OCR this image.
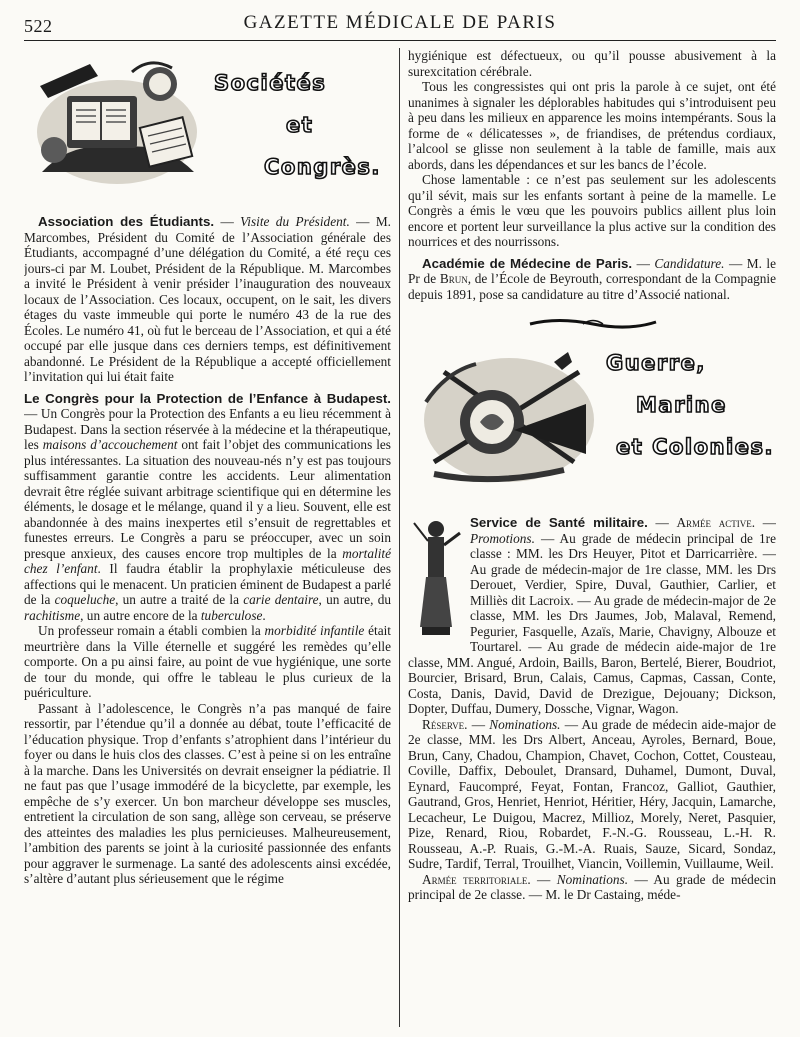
522	GAZETTE MÉDICALE DE PARIS
Sociétés
et
Congrès.

Association des Étudiants. — Visite du Président. — M. Marcombes, Président du Comité de l’Association générale des Étudiants, accompagné d’une délégation du Comité, a été reçu ces jours-ci par M. Loubet, Président de la République. M. Marcombes a invité le Président à venir présider l’inauguration des nouveaux locaux de l’Association. Ces locaux, occupent, on le sait, les divers étages du vaste immeuble qui porte le numéro 43 de la rue des Écoles. Le numéro 41, où fut le berceau de l’Association, et qui a été occupé par elle jusque dans ces derniers temps, est définitivement abandonné. Le Président de la République a accepté officiellement l’invitation qui lui était faite

Le Congrès pour la Protection de l’Enfance à Budapest. — Un Congrès pour la Protection des Enfants a eu lieu récemment à Budapest. Dans la section réservée à la médecine et la thérapeutique, les maisons d’accouchement ont fait l’objet des communications les plus intéressantes. La situation des nouveau-nés n’y est pas toujours suffisamment garantie contre les accidents. Leur alimentation devrait être réglée suivant arbitrage scientifique qui en détermine les éléments, le dosage et le mélange, quand il y a lieu. Souvent, elle est abandonnée à des mains inexpertes etil s’ensuit de regrettables et funestes erreurs. Le Congrès a paru se préoccuper, avec un soin presque anxieux, des causes encore trop multiples de la mortalité chez l’enfant. Il faudra établir la prophylaxie méticuleuse des affections qui le menacent. Un praticien éminent de Budapest a parlé de la coqueluche, un autre a traité de la carie dentaire, un autre, du rachitisme, un autre encore de la tuberculose.

Un professeur romain a établi combien la morbidité infantile était meurtrière dans la Ville éternelle et suggéré les remèdes qu’elle comporte. On a pu ainsi faire, au point de vue hygiénique, une sorte de tour du monde, qui offre le tableau le plus curieux de la puériculture.

Passant à l’adolescence, le Congrès n’a pas manqué de faire ressortir, par l’étendue qu’il a donnée au débat, toute l’efficacité de l’éducation physique. Trop d’enfants s’atrophient dans l’intérieur du foyer ou dans le huis clos des classes. C’est à peine si on les entraîne à la marche. Dans les Universités on devrait enseigner la pédiatrie. Il ne faut pas que l’usage immodéré de la bicyclette, par exemple, les empêche de s’y exercer. Un bon marcheur développe ses muscles, entretient la circulation de son sang, allège son cerveau, se préserve des atteintes des maladies les plus pernicieuses. Malheureusement, l’ambition des parents se joint à la curiosité passionnée des enfants pour aggraver le surmenage. La santé des adolescents ainsi excédée, s’altère d’autant plus sérieusement que le régime

hygiénique est défectueux, ou qu’il pousse abusivement à la surexcitation cérébrale.

Tous les congressistes qui ont pris la parole à ce sujet, ont été unanimes à signaler les déplorables habitudes qui s’introduisent peu à peu dans les milieux en apparence les moins intempérants. Sous la forme de « délicatesses », de friandises, de prétendus cordiaux, l’alcool se glisse non seulement à la table de famille, mais aux abords, dans les dépendances et sur les bancs de l’école.

Chose lamentable : ce n’est pas seulement sur les adolescents qu’il sévit, mais sur les enfants sortant à peine de la mamelle. Le Congrès a émis le vœu que les pouvoirs publics aillent plus loin encore et portent leur surveillance la plus active sur la condition des nourrices et des nourrissons.

Académie de Médecine de Paris. — Candidature. — M. le Pr de Brun, de l’École de Beyrouth, correspondant de la Compagnie depuis 1891, pose sa candidature au titre d’Associé national.

Guerre,
Marine
et Colonies.

Service de Santé militaire. — Armée active. — Promotions. — Au grade de médecin principal de 1re classe : MM. les Drs Heuyer, Pitot et Darricarrière. — Au grade de médecin-major de 1re classe, MM. les Drs Derouet, Verdier, Spire, Duval, Gauthier, Carlier, et Milliès dit Lacroix. — Au grade de médecin-major de 2e classe, MM. les Drs Jaumes, Job, Malaval, Remend, Pegurier, Fasquelle, Azaïs, Marie, Chavigny, Albouze et Tourtarel. — Au grade de médecin aide-major de 1re classe, MM. Angué, Ardoin, Baills, Baron, Bertelé, Bierer, Boudriot, Bourcier, Brisard, Brun, Calais, Camus, Capmas, Cassan, Conte, Costa, Danis, David, David de Drezigue, Dejouany; Dickson, Dopter, Duffau, Dumery, Dossche, Vignar, Wagon.

Réserve. — Nominations. — Au grade de médecin aide-major de 2e classe, MM. les Drs Albert, Anceau, Ayroles, Bernard, Boue, Brun, Cany, Chadou, Champion, Chavet, Cochon, Cottet, Cousteau, Coville, Daffix, Deboulet, Dransard, Duhamel, Dumont, Duval, Eynard, Faucompré, Feyat, Fontan, Francoz, Galliot, Gauthier, Gautrand, Gros, Henriet, Henriot, Héritier, Héry, Jacquin, Lamarche, Lecacheur, Le Duigou, Macrez, Millioz, Morely, Neret, Pasquier, Pize, Renard, Riou, Robardet, F.-N.-G. Rousseau, L.-H. R. Rousseau, A.-P. Ruais, G.-M.-A. Ruais, Sauze, Sicard, Sondaz, Sudre, Tardif, Terral, Trouilhet, Viancin, Voillemin, Vuillaume, Weil.

Armée territoriale. — Nominations. — Au grade de médecin principal de 2e classe. — M. le Dr Castaing, méde-
